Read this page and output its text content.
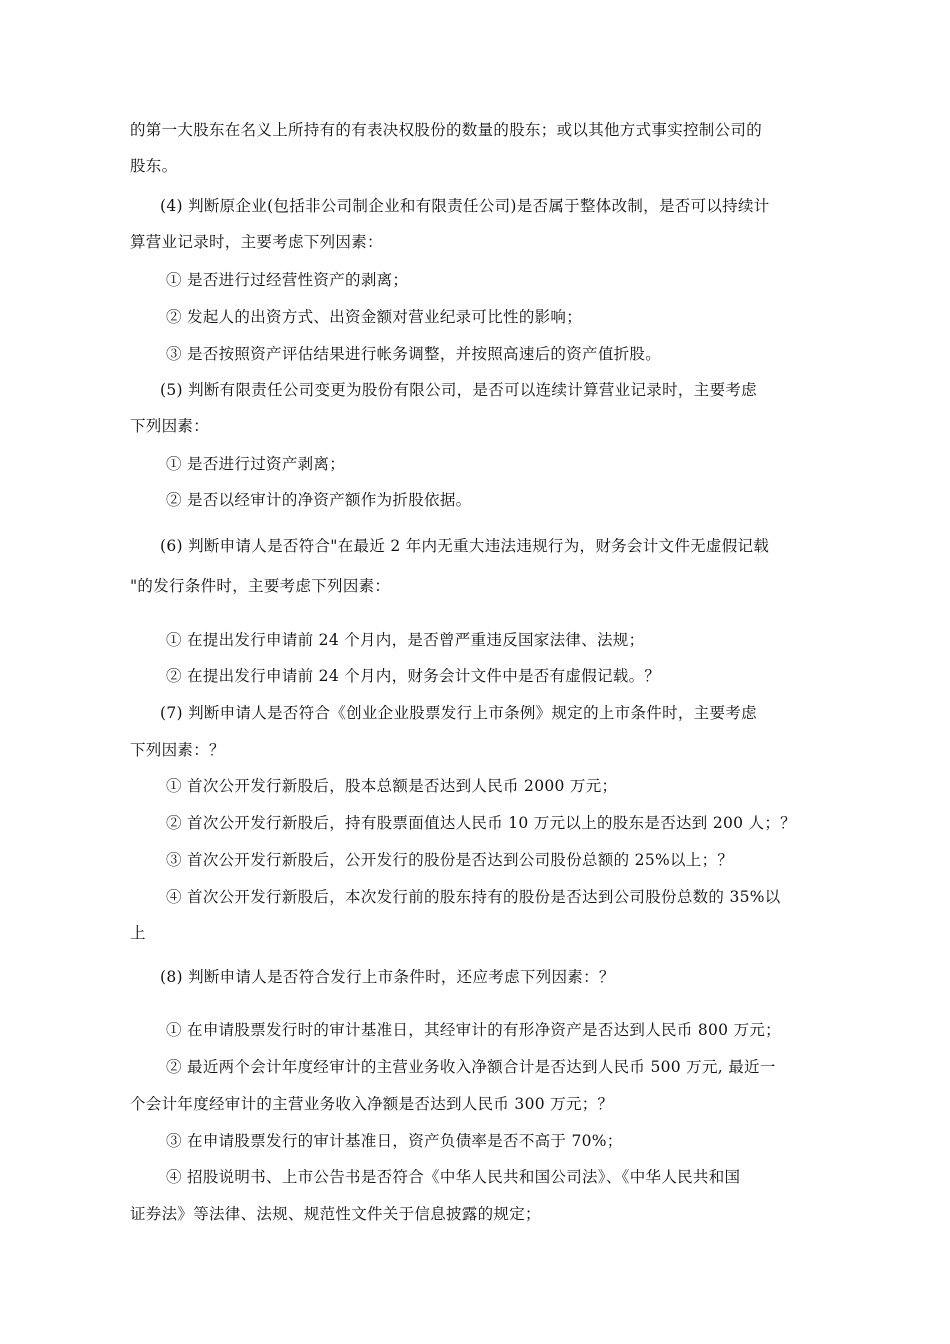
的第一大股东在名义上所持有的有表决权股份的数量的股东；或以其他方式事实控制公司的
股东。
(4) 判断原企业(包括非公司制企业和有限责任公司)是否属于整体改制，是否可以持续计
算营业记录时，主要考虑下列因素：
① 是否进行过经营性资产的剥离；
② 发起人的出资方式、出资金额对营业纪录可比性的影响；
③ 是否按照资产评估结果进行帐务调整，并按照高速后的资产值折股。
(5) 判断有限责任公司变更为股份有限公司，是否可以连续计算营业记录时，主要考虑
下列因素：
① 是否进行过资产剥离；
② 是否以经审计的净资产额作为折股依据。
(6) 判断申请人是否符合"在最近 2 年内无重大违法违规行为，财务会计文件无虚假记载
"的发行条件时，主要考虑下列因素：
① 在提出发行申请前 24 个月内，是否曾严重违反国家法律、法规；
② 在提出发行申请前 24 个月内，财务会计文件中是否有虚假记载。？
(7) 判断申请人是否符合《创业企业股票发行上市条例》规定的上市条件时，主要考虑
下列因素：？
① 首次公开发行新股后，股本总额是否达到人民币 2000 万元；
② 首次公开发行新股后，持有股票面值达人民币 10 万元以上的股东是否达到 200 人；？
③ 首次公开发行新股后，公开发行的股份是否达到公司股份总额的 25%以上；？
④ 首次公开发行新股后，本次发行前的股东持有的股份是否达到公司股份总数的 35%以
上
(8) 判断申请人是否符合发行上市条件时，还应考虑下列因素：？
① 在申请股票发行时的审计基准日，其经审计的有形净资产是否达到人民币 800 万元；
② 最近两个会计年度经审计的主营业务收入净额合计是否达到人民币 500 万元, 最近一
个会计年度经审计的主营业务收入净额是否达到人民币 300 万元；？
③ 在申请股票发行的审计基准日，资产负债率是否不高于 70%；
④ 招股说明书、上市公告书是否符合《中华人民共和国公司法》、《中华人民共和国
证券法》等法律、法规、规范性文件关于信息披露的规定；
